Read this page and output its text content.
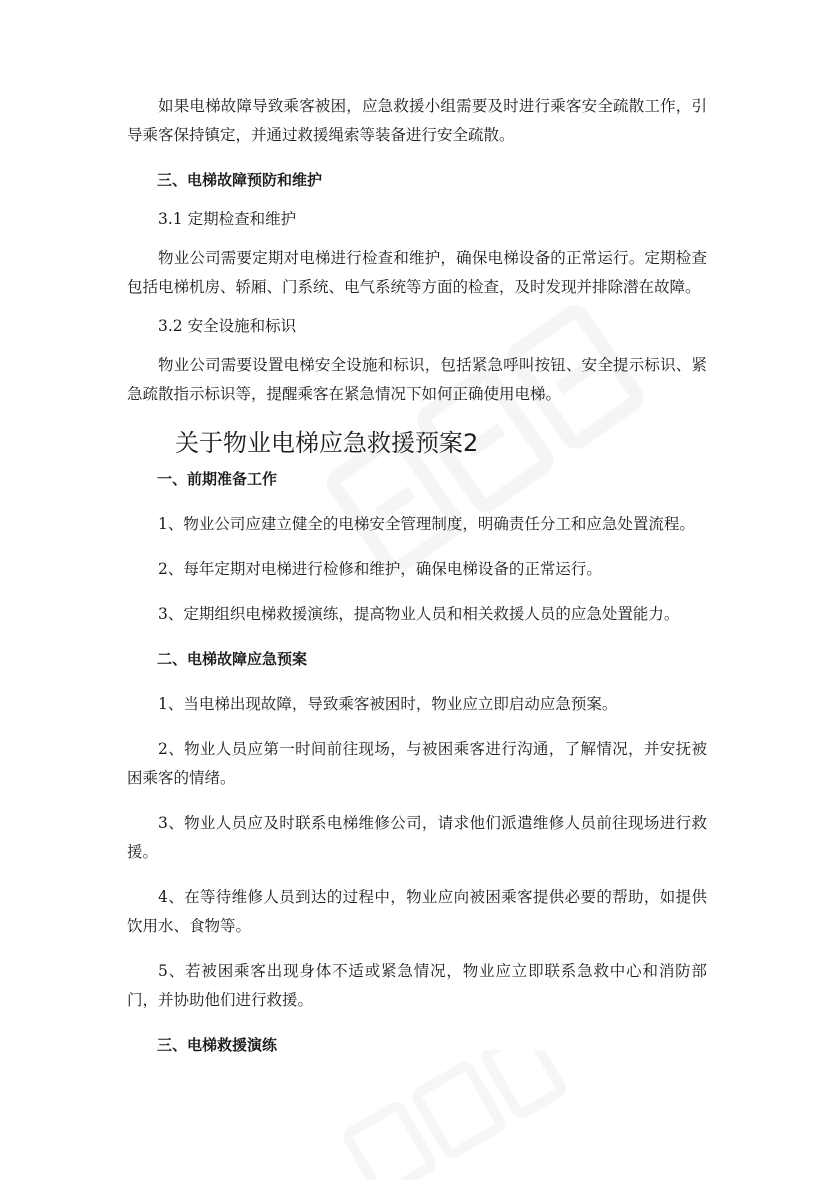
如果电梯故障导致乘客被困，应急救援小组需要及时进行乘客安全疏散工作，引导乘客保持镇定，并通过救援绳索等装备进行安全疏散。

三、电梯故障预防和维护

3.1 定期检查和维护

物业公司需要定期对电梯进行检查和维护，确保电梯设备的正常运行。定期检查包括电梯机房、轿厢、门系统、电气系统等方面的检查，及时发现并排除潜在故障。

3.2 安全设施和标识

物业公司需要设置电梯安全设施和标识，包括紧急呼叫按钮、安全提示标识、紧急疏散指示标识等，提醒乘客在紧急情况下如何正确使用电梯。

关于物业电梯应急救援预案2

一、前期准备工作

1、物业公司应建立健全的电梯安全管理制度，明确责任分工和应急处置流程。

2、每年定期对电梯进行检修和维护，确保电梯设备的正常运行。

3、定期组织电梯救援演练，提高物业人员和相关救援人员的应急处置能力。

二、电梯故障应急预案

1、当电梯出现故障，导致乘客被困时，物业应立即启动应急预案。

2、物业人员应第一时间前往现场，与被困乘客进行沟通，了解情况，并安抚被困乘客的情绪。

3、物业人员应及时联系电梯维修公司，请求他们派遣维修人员前往现场进行救援。

4、在等待维修人员到达的过程中，物业应向被困乘客提供必要的帮助，如提供饮用水、食物等。

5、若被困乘客出现身体不适或紧急情况，物业应立即联系急救中心和消防部门，并协助他们进行救援。

三、电梯救援演练
